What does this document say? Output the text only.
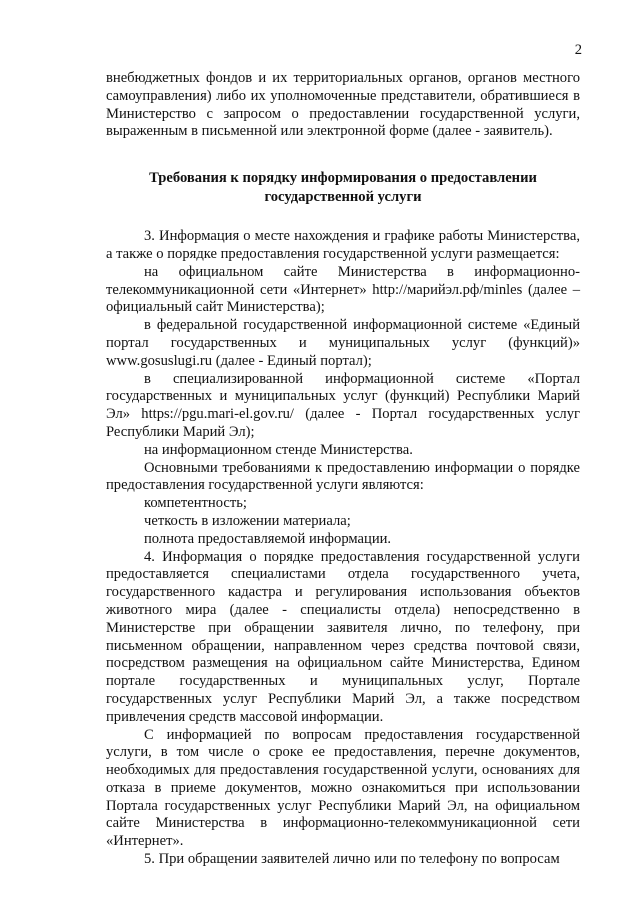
2

внебюджетных фондов и их территориальных органов, органов местного самоуправления) либо их уполномоченные представители, обратившиеся в Министерство с запросом о предоставлении государственной услуги, выраженным в письменной или электронной форме (далее - заявитель).

Требования к порядку информирования о предоставлении государственной услуги

3. Информация о месте нахождения и графике работы Министерства, а также о порядке предоставления государственной услуги размещается:

на официальном сайте Министерства в информационно-телекоммуникационной сети «Интернет» http://марийэл.рф/minles (далее – официальный сайт Министерства);

в федеральной государственной информационной системе «Единый портал государственных и муниципальных услуг (функций)» www.gosuslugi.ru (далее - Единый портал);

в специализированной информационной системе «Портал государственных и муниципальных услуг (функций) Республики Марий Эл» https://pgu.mari-el.gov.ru/ (далее - Портал государственных услуг Республики Марий Эл);

на информационном стенде Министерства.

Основными требованиями к предоставлению информации о порядке предоставления государственной услуги являются:

компетентность;

четкость в изложении материала;

полнота предоставляемой информации.

4. Информация о порядке предоставления государственной услуги предоставляется специалистами отдела государственного учета, государственного кадастра и регулирования использования объектов животного мира (далее - специалисты отдела) непосредственно в Министерстве при обращении заявителя лично, по телефону, при письменном обращении, направленном через средства почтовой связи, посредством размещения на официальном сайте Министерства, Едином портале государственных и муниципальных услуг, Портале государственных услуг Республики Марий Эл, а также посредством привлечения средств массовой информации.

С информацией по вопросам предоставления государственной услуги, в том числе о сроке ее предоставления, перечне документов, необходимых для предоставления государственной услуги, основаниях для отказа в приеме документов, можно ознакомиться при использовании Портала государственных услуг Республики Марий Эл, на официальном сайте Министерства в информационно-телекоммуникационной сети «Интернет».

5. При обращении заявителей лично или по телефону по вопросам
